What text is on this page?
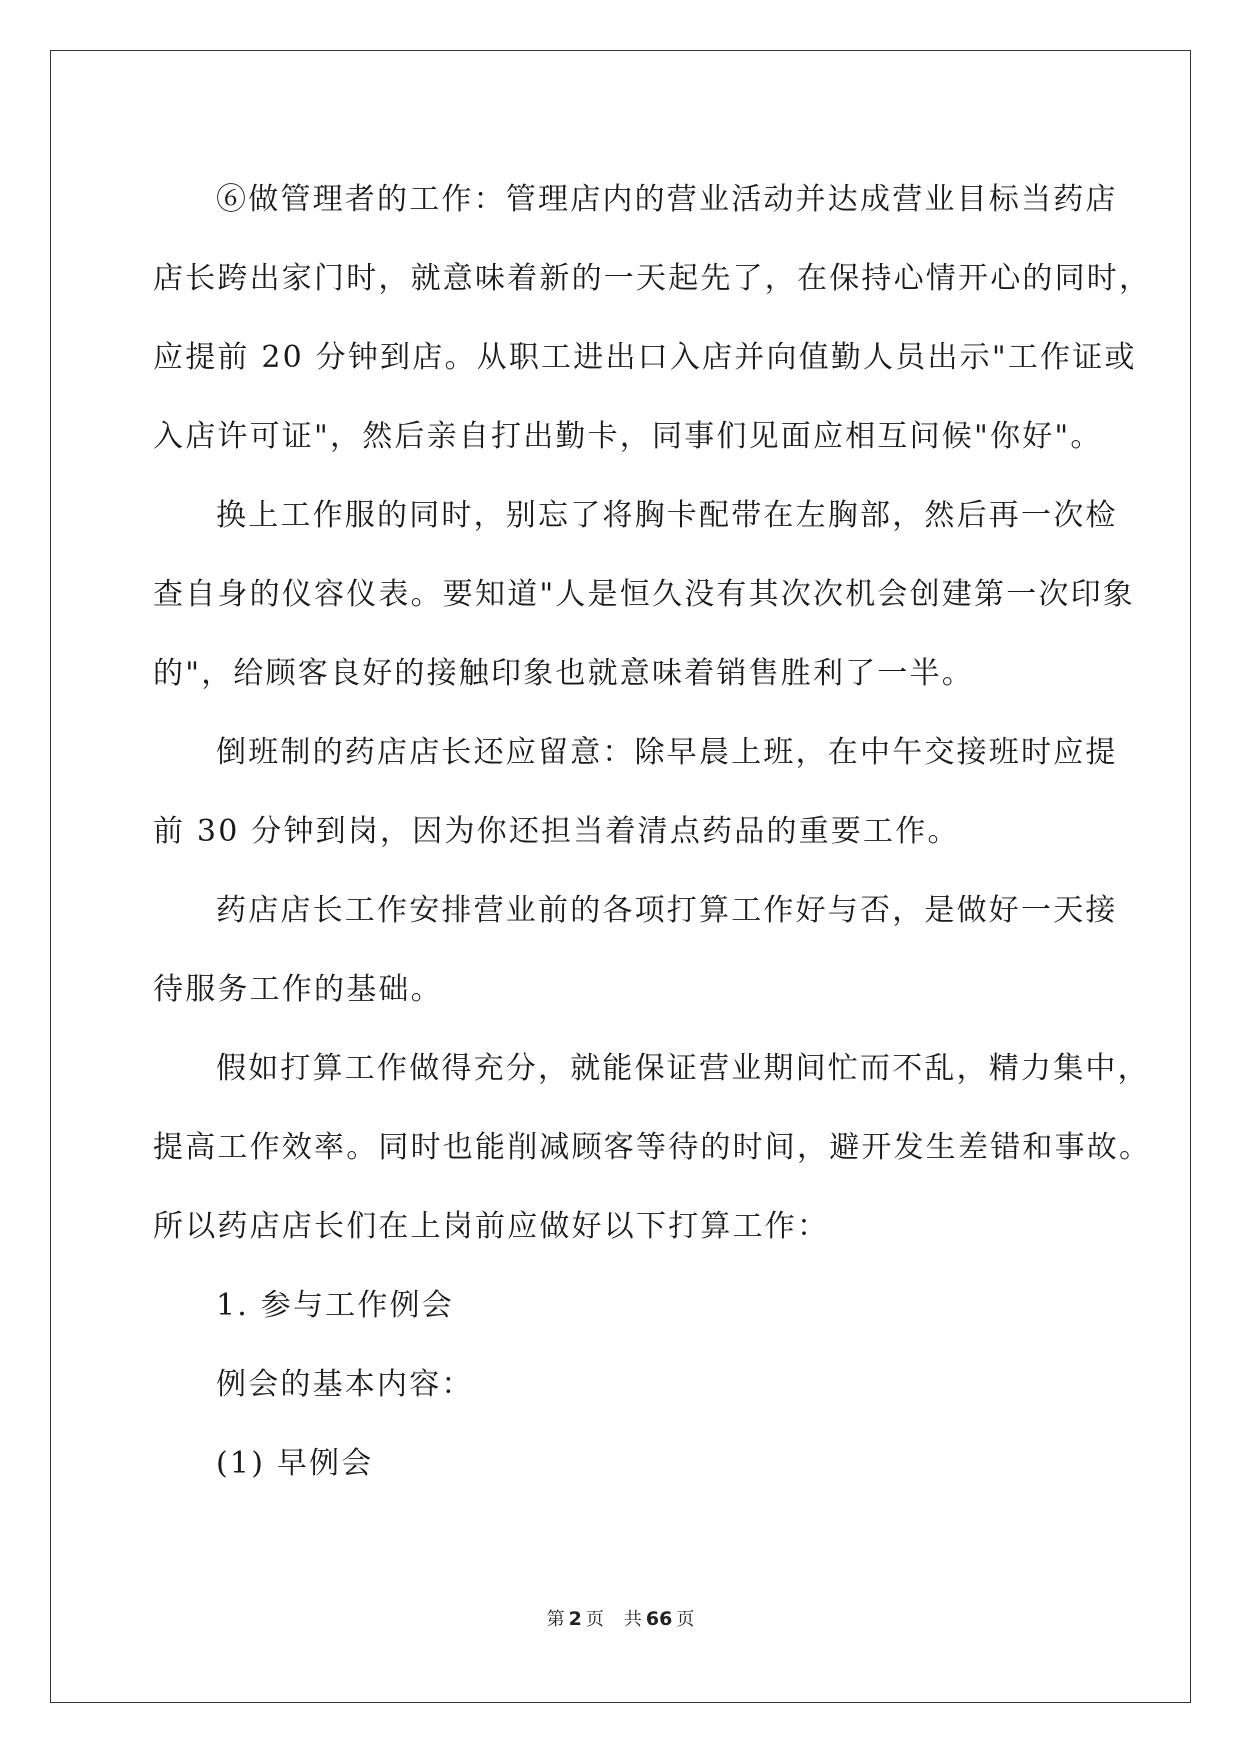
⑥做管理者的工作：管理店内的营业活动并达成营业目标当药店
店长跨出家门时，就意味着新的一天起先了，在保持心情开心的同时，
应提前 20 分钟到店。从职工进出口入店并向值勤人员出示"工作证或
入店许可证"，然后亲自打出勤卡，同事们见面应相互问候"你好"。
换上工作服的同时，别忘了将胸卡配带在左胸部，然后再一次检
查自身的仪容仪表。要知道"人是恒久没有其次次机会创建第一次印象
的"，给顾客良好的接触印象也就意味着销售胜利了一半。
倒班制的药店店长还应留意：除早晨上班，在中午交接班时应提
前 30 分钟到岗，因为你还担当着清点药品的重要工作。
药店店长工作安排营业前的各项打算工作好与否，是做好一天接
待服务工作的基础。
假如打算工作做得充分，就能保证营业期间忙而不乱，精力集中，
提高工作效率。同时也能削减顾客等待的时间，避开发生差错和事故。
所以药店店长们在上岗前应做好以下打算工作：
1. 参与工作例会
例会的基本内容：
(1) 早例会
第 2 页 共 66 页
